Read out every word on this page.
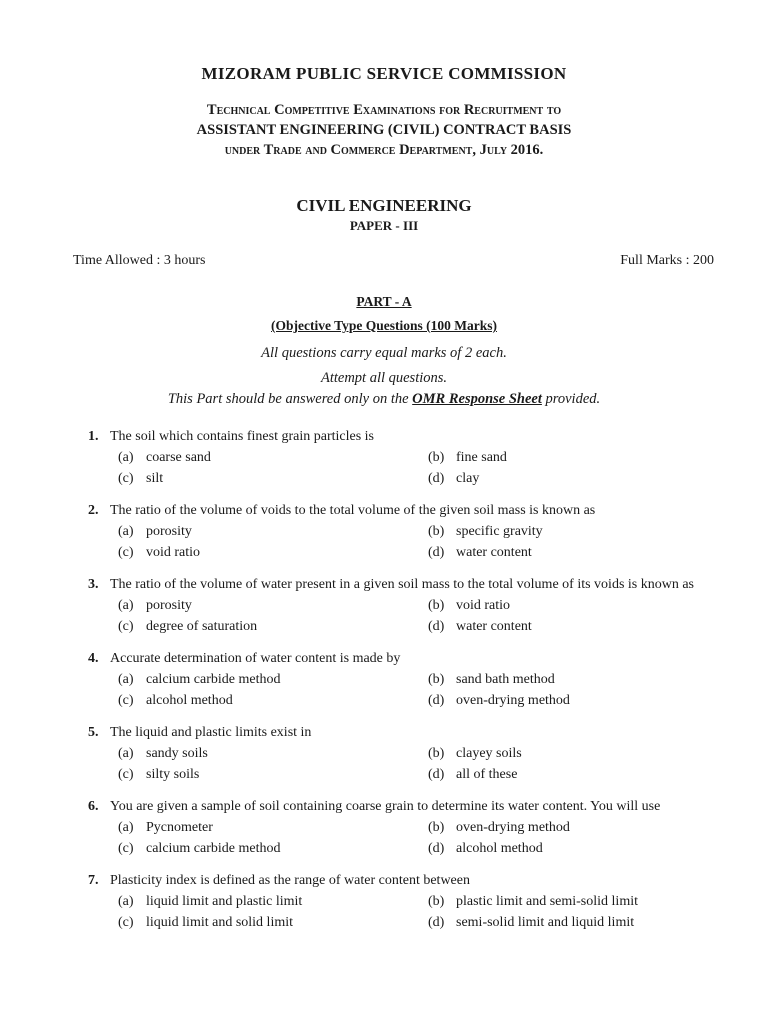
MIZORAM PUBLIC SERVICE COMMISSION
Technical Competitive Examinations for Recruitment to
ASSISTANT ENGINEERING (CIVIL) CONTRACT BASIS
under Trade and Commerce Department, July 2016.
CIVIL ENGINEERING
PAPER - III
Time Allowed : 3 hours	Full Marks : 200
PART - A
(Objective Type Questions (100 Marks)
All questions carry equal marks of 2 each.
Attempt all questions.
This Part should be answered only on the OMR Response Sheet provided.
1. The soil which contains finest grain particles is
(a) coarse sand	(b) fine sand
(c) silt	(d) clay
2. The ratio of the volume of voids to the total volume of the given soil mass is known as
(a) porosity	(b) specific gravity
(c) void ratio	(d) water content
3. The ratio of the volume of water present in a given soil mass to the total volume of its voids is known as
(a) porosity	(b) void ratio
(c) degree of saturation	(d) water content
4. Accurate determination of water content is made by
(a) calcium carbide method	(b) sand bath method
(c) alcohol method	(d) oven-drying method
5. The liquid and plastic limits exist in
(a) sandy soils	(b) clayey soils
(c) silty soils	(d) all of these
6. You are given a sample of soil containing coarse grain to determine its water content. You will use
(a) Pycnometer	(b) oven-drying method
(c) calcium carbide method	(d) alcohol method
7. Plasticity index is defined as the range of water content between
(a) liquid limit and plastic limit	(b) plastic limit and semi-solid limit
(c) liquid limit and solid limit	(d) semi-solid limit and liquid limit
